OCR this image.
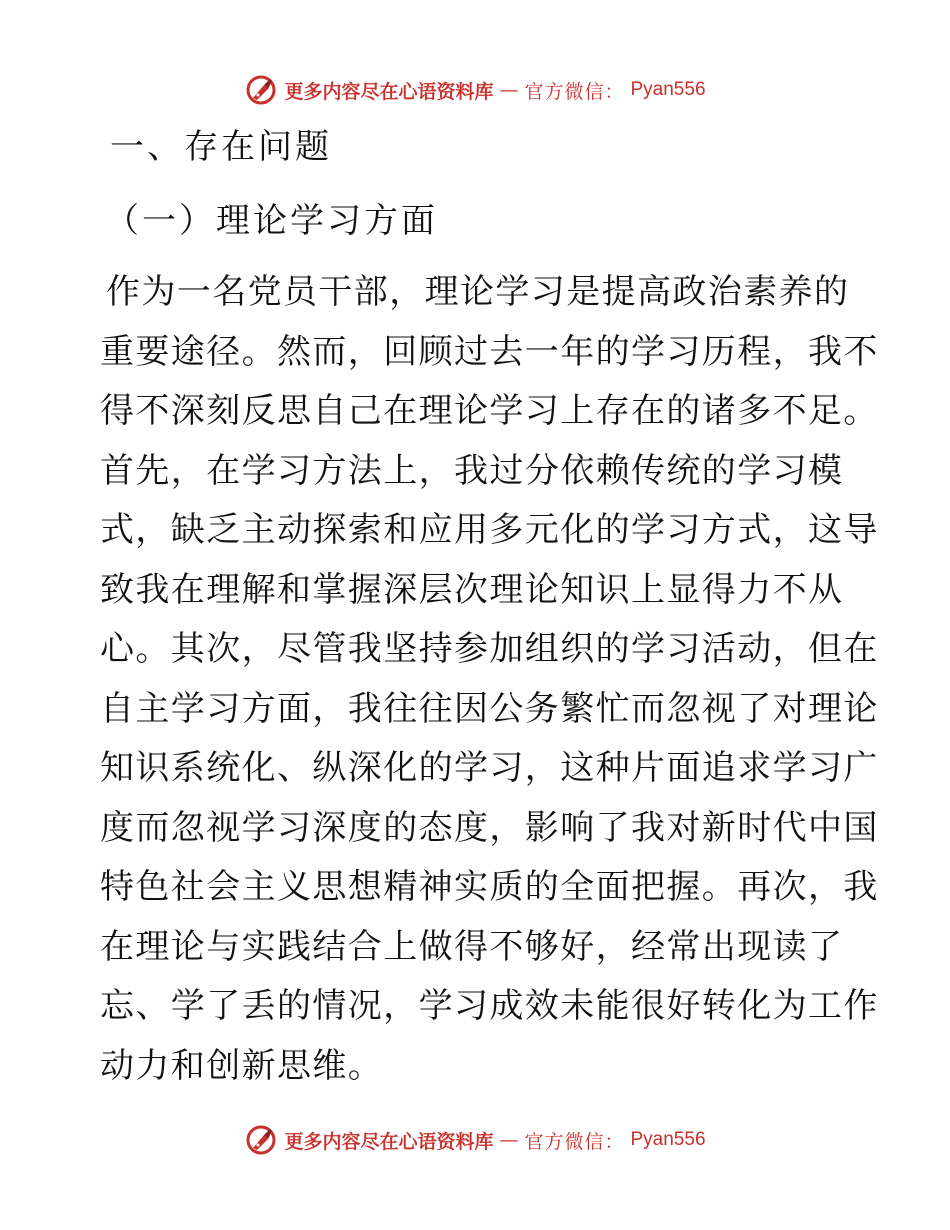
更多内容尽在心语资料库 — 官方微信： Pyan556
一、存在问题
（一）理论学习方面
作为一名党员干部，理论学习是提高政治素养的
重要途径。然而，回顾过去一年的学习历程，我不
得不深刻反思自己在理论学习上存在的诸多不足。
首先，在学习方法上，我过分依赖传统的学习模
式，缺乏主动探索和应用多元化的学习方式，这导
致我在理解和掌握深层次理论知识上显得力不从
心。其次，尽管我坚持参加组织的学习活动，但在
自主学习方面，我往往因公务繁忙而忽视了对理论
知识系统化、纵深化的学习，这种片面追求学习广
度而忽视学习深度的态度，影响了我对新时代中国
特色社会主义思想精神实质的全面把握。再次，我
在理论与实践结合上做得不够好，经常出现读了
忘、学了丢的情况，学习成效未能很好转化为工作
动力和创新思维。
更多内容尽在心语资料库 — 官方微信： Pyan556
